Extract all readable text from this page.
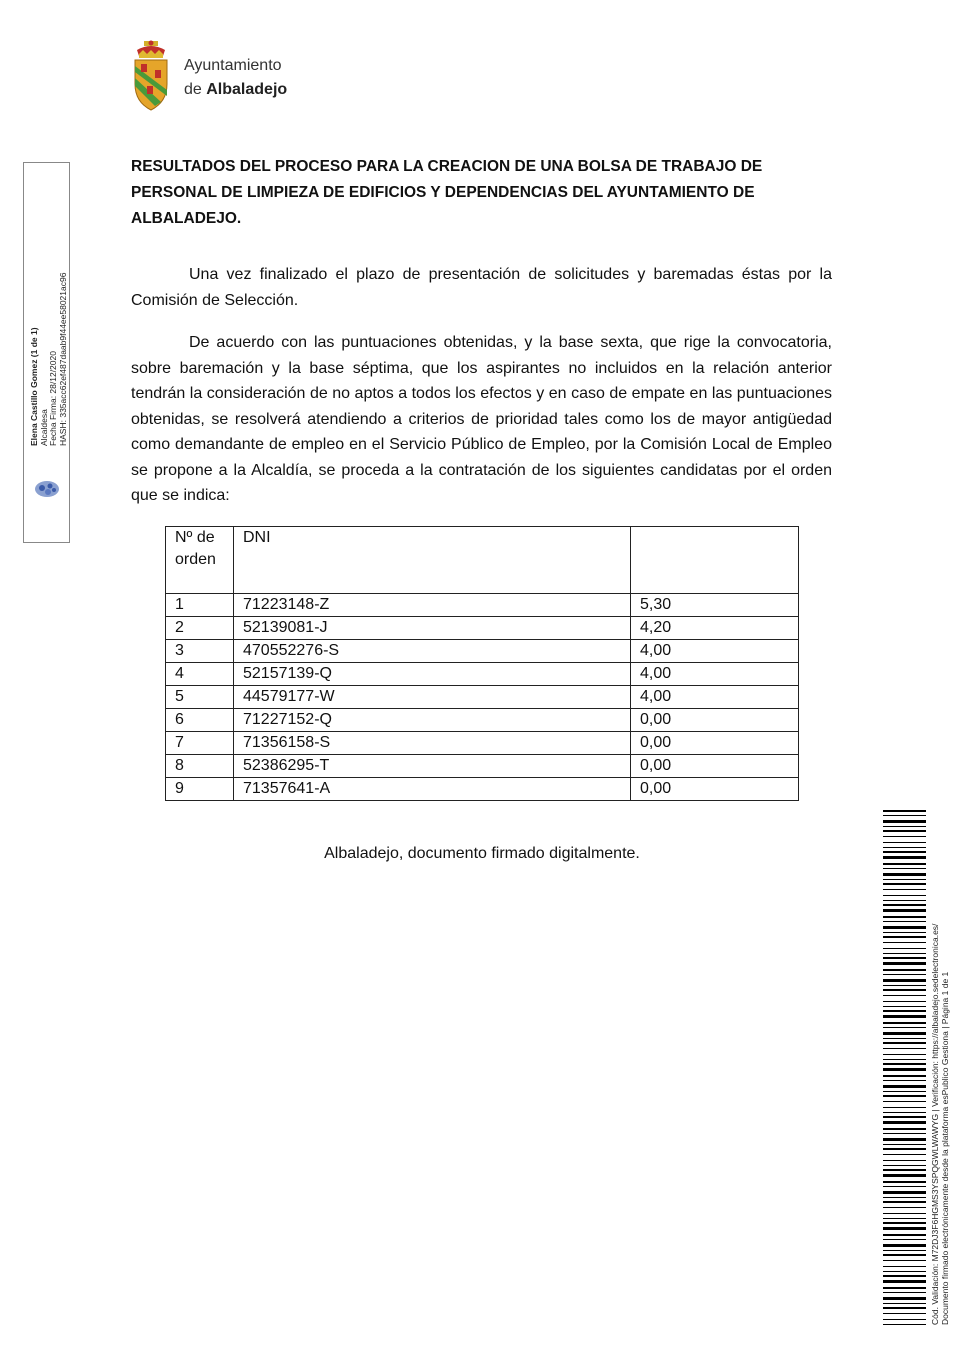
Ayuntamiento
de Albaladejo
Elena Castillo Gomez (1 de 1) Alcaldesa Fecha Firma: 28/12/2020 HASH: 335acc62ef487daab9f44ee58021ac96
RESULTADOS DEL PROCESO PARA LA CREACION DE UNA BOLSA DE TRABAJO DE PERSONAL DE LIMPIEZA DE EDIFICIOS Y DEPENDENCIAS DEL AYUNTAMIENTO DE ALBALADEJO.

Una vez finalizado el plazo de presentación de solicitudes y baremadas éstas por la Comisión de Selección.

De acuerdo con las puntuaciones obtenidas, y la base sexta, que rige la convocatoria, sobre baremación y la base séptima, que los aspirantes no incluidos en la relación anterior tendrán la consideración de no aptos a todos los efectos y en caso de empate en las puntuaciones obtenidas, se resolverá atendiendo a criterios de prioridad tales como los de mayor antigüedad como demandante de empleo en el Servicio Público de Empleo, por la Comisión Local de Empleo se propone a la Alcaldía, se proceda a la contratación de los siguientes candidatas por el orden que se indica:

Nº de orden	DNI	
1	71223148-Z	5,30
2	52139081-J	4,20
3	470552276-S	4,00
4	52157139-Q	4,00
5	44579177-W	4,00
6	71227152-Q	0,00
7	71356158-S	0,00
8	52386295-T	0,00
9	71357641-A	0,00
Albaladejo, documento firmado digitalmente.
Cód. Validación: M72DJ3F6HGMS3YSPQGWLWAWYG | Verificación: https://albaladejo.sedelectronica.es/ Documento firmado electrónicamente desde la plataforma esPublico Gestiona | Página 1 de 1
